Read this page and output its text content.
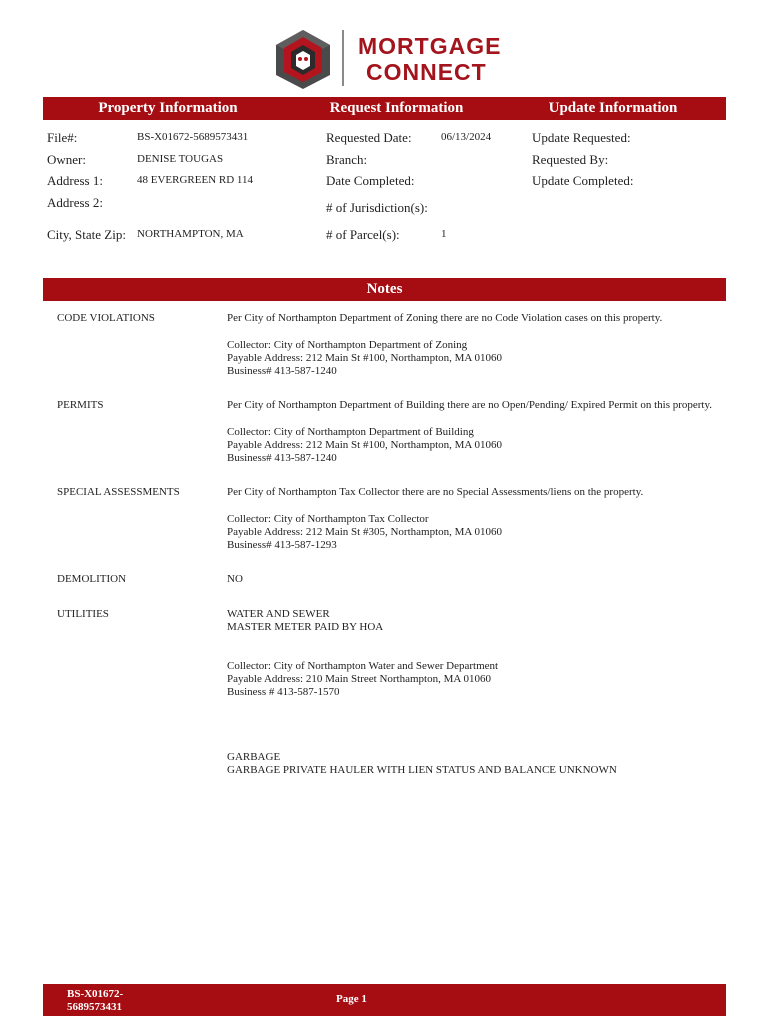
MORTGAGE
CONNECT
Property Information	Request Information	Update Information
File#:	BS-X01672-5689573431
Owner:	DENISE TOUGAS
Address 1:	48 EVERGREEN RD 114
Address 2:
City, State Zip: NORTHAMPTON, MA
Requested Date:	06/13/2024
Branch:
Date Completed:
# of Jurisdiction(s):
# of Parcel(s):	1
Update Requested:
Requested By:
Update Completed:
Notes
CODE VIOLATIONS	Per City of Northampton Department of Zoning there are no Code Violation cases on this property.
Collector: City of Northampton Department of Zoning
Payable Address: 212 Main St #100, Northampton, MA 01060
Business# 413-587-1240
PERMITS	Per City of Northampton Department of Building there are no Open/Pending/ Expired Permit on this property.
Collector: City of Northampton Department of Building
Payable Address: 212 Main St #100, Northampton, MA 01060
Business# 413-587-1240
SPECIAL ASSESSMENTS	Per City of Northampton Tax Collector there are no Special Assessments/liens on the property.
Collector: City of Northampton Tax Collector
Payable Address: 212 Main St #305, Northampton, MA 01060
Business# 413-587-1293
DEMOLITION	NO
UTILITIES	WATER AND SEWER
MASTER METER PAID BY HOA
Collector: City of Northampton Water and Sewer Department
Payable Address: 210 Main Street Northampton, MA 01060
Business # 413-587-1570
GARBAGE
GARBAGE PRIVATE HAULER WITH LIEN STATUS AND BALANCE UNKNOWN
BS-X01672-
5689573431
Page 1
